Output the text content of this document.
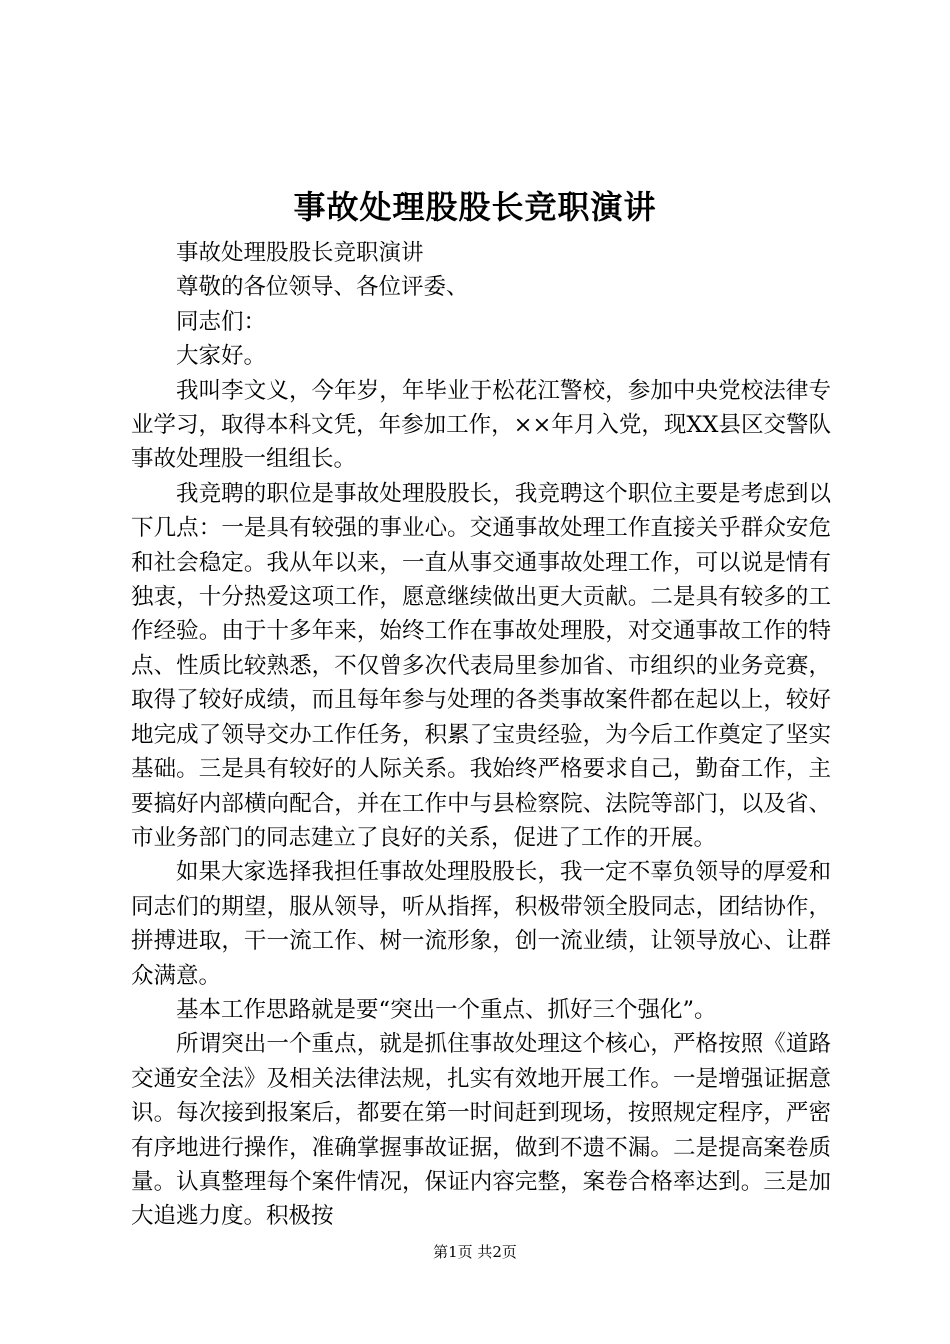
事故处理股股长竞职演讲

事故处理股股长竞职演讲

尊敬的各位领导、各位评委、

同志们：

大家好。

我叫李文义，今年岁，年毕业于松花江警校，参加中央党校法律专业学习，取得本科文凭，年参加工作，××年月入党，现XX县区交警队事故处理股一组组长。

我竞聘的职位是事故处理股股长，我竞聘这个职位主要是考虑到以下几点：一是具有较强的事业心。交通事故处理工作直接关乎群众安危和社会稳定。我从年以来，一直从事交通事故处理工作，可以说是情有独衷，十分热爱这项工作，愿意继续做出更大贡献。二是具有较多的工作经验。由于十多年来，始终工作在事故处理股，对交通事故工作的特点、性质比较熟悉，不仅曾多次代表局里参加省、市组织的业务竞赛，取得了较好成绩，而且每年参与处理的各类事故案件都在起以上，较好地完成了领导交办工作任务，积累了宝贵经验，为今后工作奠定了坚实基础。三是具有较好的人际关系。我始终严格要求自己，勤奋工作，主要搞好内部横向配合，并在工作中与县检察院、法院等部门，以及省、市业务部门的同志建立了良好的关系，促进了工作的开展。

如果大家选择我担任事故处理股股长，我一定不辜负领导的厚爱和同志们的期望，服从领导，听从指挥，积极带领全股同志，团结协作，拼搏进取，干一流工作、树一流形象，创一流业绩，让领导放心、让群众满意。

基本工作思路就是要“突出一个重点、抓好三个强化”。

所谓突出一个重点，就是抓住事故处理这个核心，严格按照《道路交通安全法》及相关法律法规，扎实有效地开展工作。一是增强证据意识。每次接到报案后，都要在第一时间赶到现场，按照规定程序，严密有序地进行操作，准确掌握事故证据，做到不遗不漏。二是提高案卷质量。认真整理每个案件情况，保证内容完整，案卷合格率达到。三是加大追逃力度。积极按

第1页 共2页
